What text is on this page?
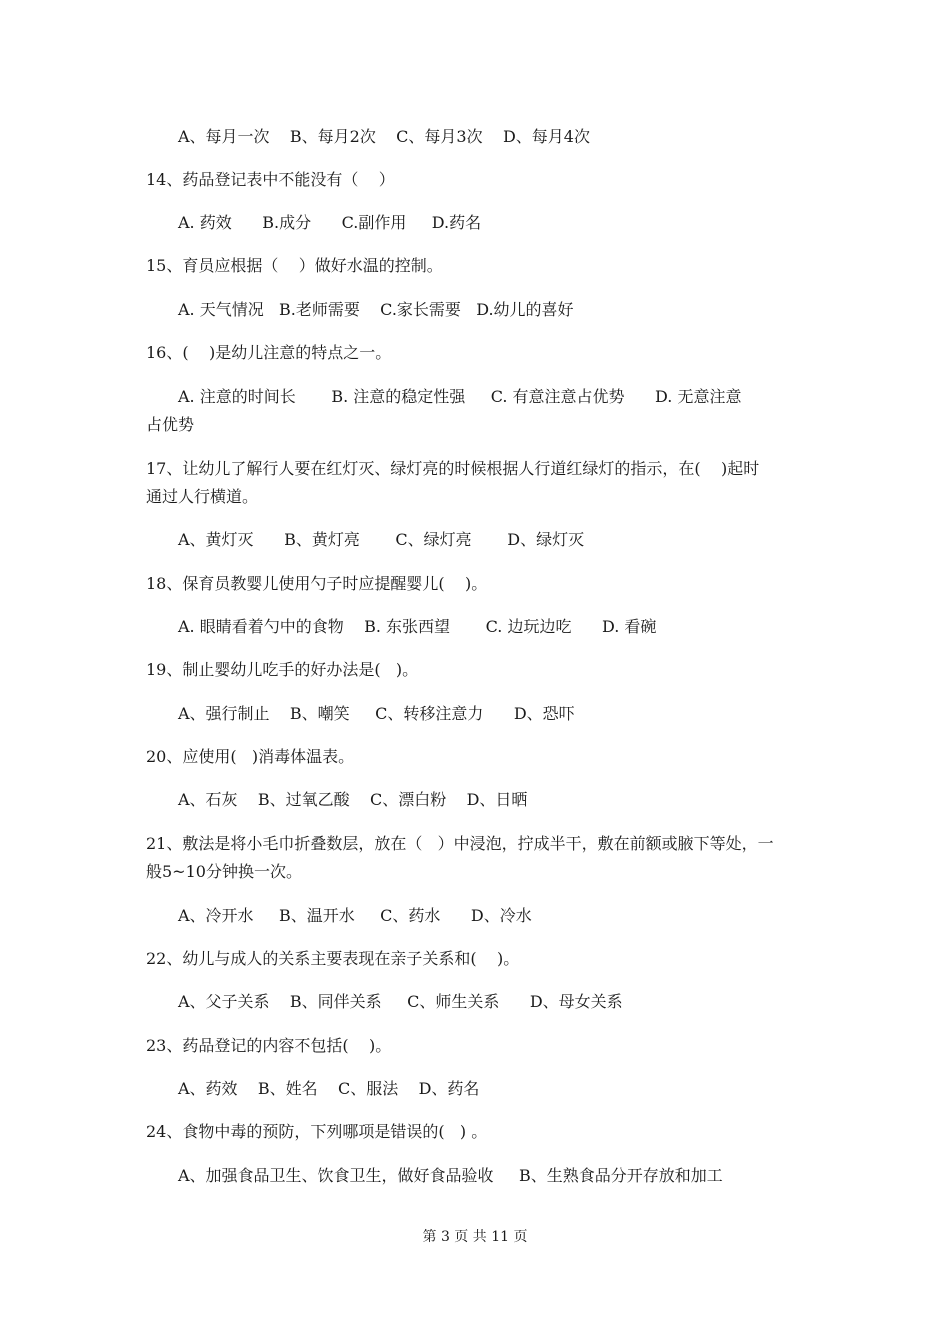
A、每月一次    B、每月2次    C、每月3次    D、每月4次
14、药品登记表中不能没有（    ）
A. 药效      B.成分      C.副作用     D.药名
15、育员应根据（    ）做好水温的控制。
A. 天气情况   B.老师需要    C.家长需要   D.幼儿的喜好
16、(    )是幼儿注意的特点之一。
A. 注意的时间长       B. 注意的稳定性强     C. 有意注意占优势      D. 无意注意
占优势
17、让幼儿了解行人要在红灯灭、绿灯亮的时候根据人行道红绿灯的指示，在(    )起时
通过人行横道。
A、黄灯灭      B、黄灯亮       C、绿灯亮       D、绿灯灭
18、保育员教婴儿使用勺子时应提醒婴儿(    )。
A. 眼睛看着勺中的食物    B. 东张西望       C. 边玩边吃      D. 看碗
19、制止婴幼儿吃手的好办法是(   )。
A、强行制止    B、嘲笑     C、转移注意力      D、恐吓
20、应使用(   )消毒体温表。
A、石灰    B、过氧乙酸    C、漂白粉    D、日晒
21、敷法是将小毛巾折叠数层，放在（   ）中浸泡，拧成半干，敷在前额或腋下等处，一
般5~10分钟换一次。
A、冷开水     B、温开水     C、药水      D、冷水
22、幼儿与成人的关系主要表现在亲子关系和(    )。
A、父子关系    B、同伴关系     C、师生关系      D、母女关系
23、药品登记的内容不包括(    )。
A、药效    B、姓名    C、服法    D、药名
24、食物中毒的预防，下列哪项是错误的(   ) 。
A、加强食品卫生、饮食卫生，做好食品验收     B、生熟食品分开存放和加工
第 3 页 共 11 页
